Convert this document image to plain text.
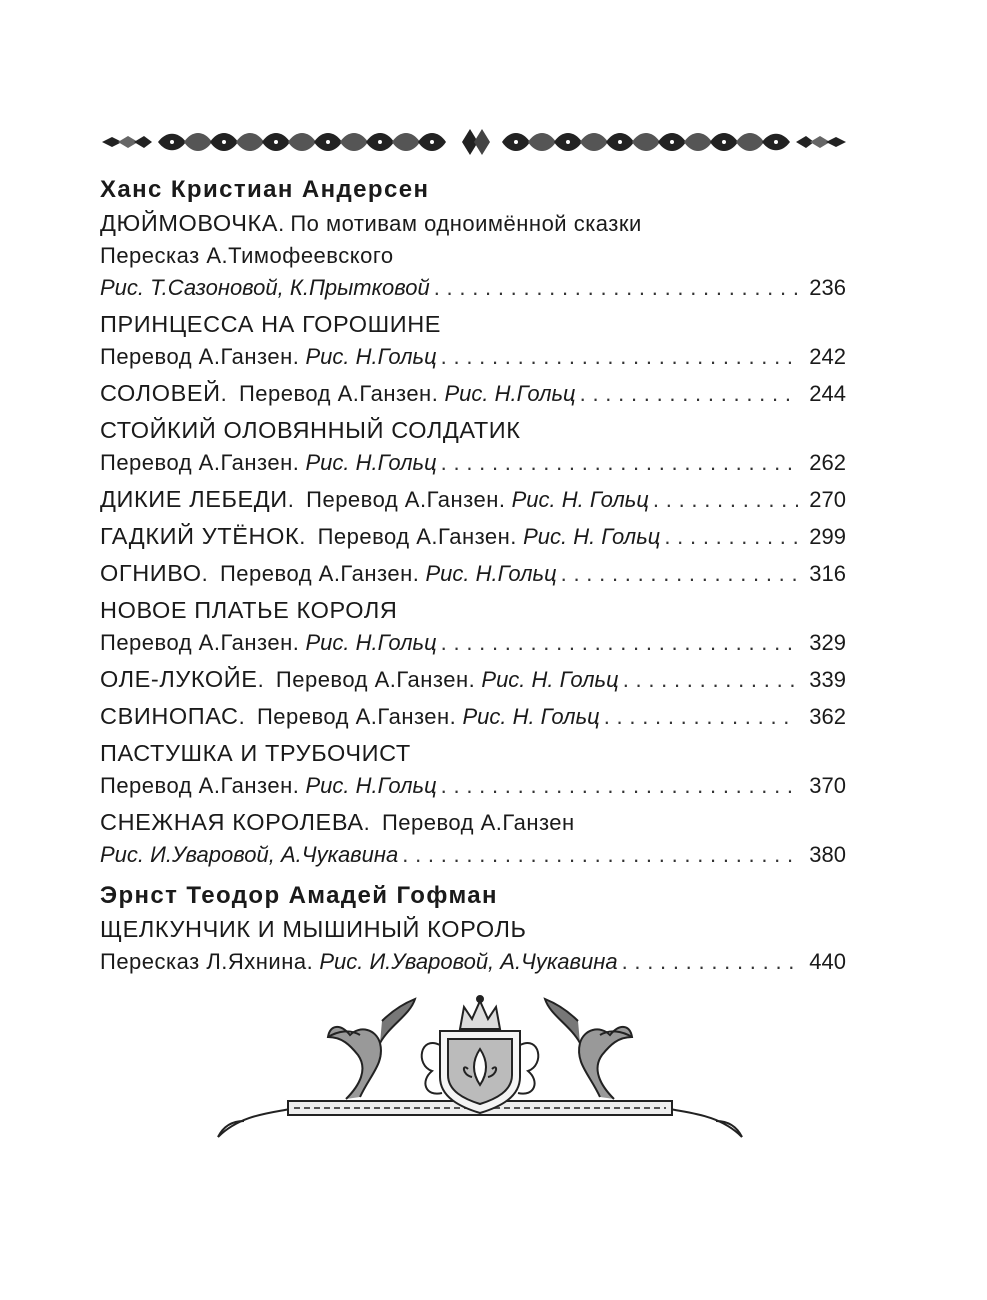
Ханс Кристиан Андерсен
ДЮЙМОВОЧКА. По мотивам одноимённой сказки
Пересказ А.Тимофеевского
Рис. Т.Сазоновой, К.Прытковой . . .	236
ПРИНЦЕССА НА ГОРОШИНЕ
Перевод А.Ганзен. Рис. Н.Гольц . . .	242
СОЛОВЕЙ.  Перевод А.Ганзен. Рис. Н.Гольц . . .	244
СТОЙКИЙ ОЛОВЯННЫЙ СОЛДАТИК
Перевод А.Ганзен. Рис. Н.Гольц . . .	262
ДИКИЕ ЛЕБЕДИ.  Перевод А.Ганзен. Рис. Н. Гольц . . .	270
ГАДКИЙ УТЁНОК.  Перевод А.Ганзен. Рис. Н. Гольц . . .	299
ОГНИВО.  Перевод А.Ганзен. Рис. Н.Гольц . . .	316
НОВОЕ ПЛАТЬЕ КОРОЛЯ
Перевод А.Ганзен. Рис. Н.Гольц . . .	329
ОЛЕ-ЛУКОЙЕ.  Перевод А.Ганзен. Рис. Н. Гольц . . .	339
СВИНОПАС.  Перевод А.Ганзен. Рис. Н. Гольц . . .	362
ПАСТУШКА И ТРУБОЧИСТ
Перевод А.Ганзен. Рис. Н.Гольц . . .	370
СНЕЖНАЯ КОРОЛЕВА.  Перевод А.Ганзен
Рис. И.Уваровой, А.Чукавина . . .	380
Эрнст Теодор Амадей Гофман
ЩЕЛКУНЧИК И МЫШИНЫЙ КОРОЛЬ
Пересказ Л.Яхнина. Рис. И.Уваровой, А.Чукавина . . .	440
